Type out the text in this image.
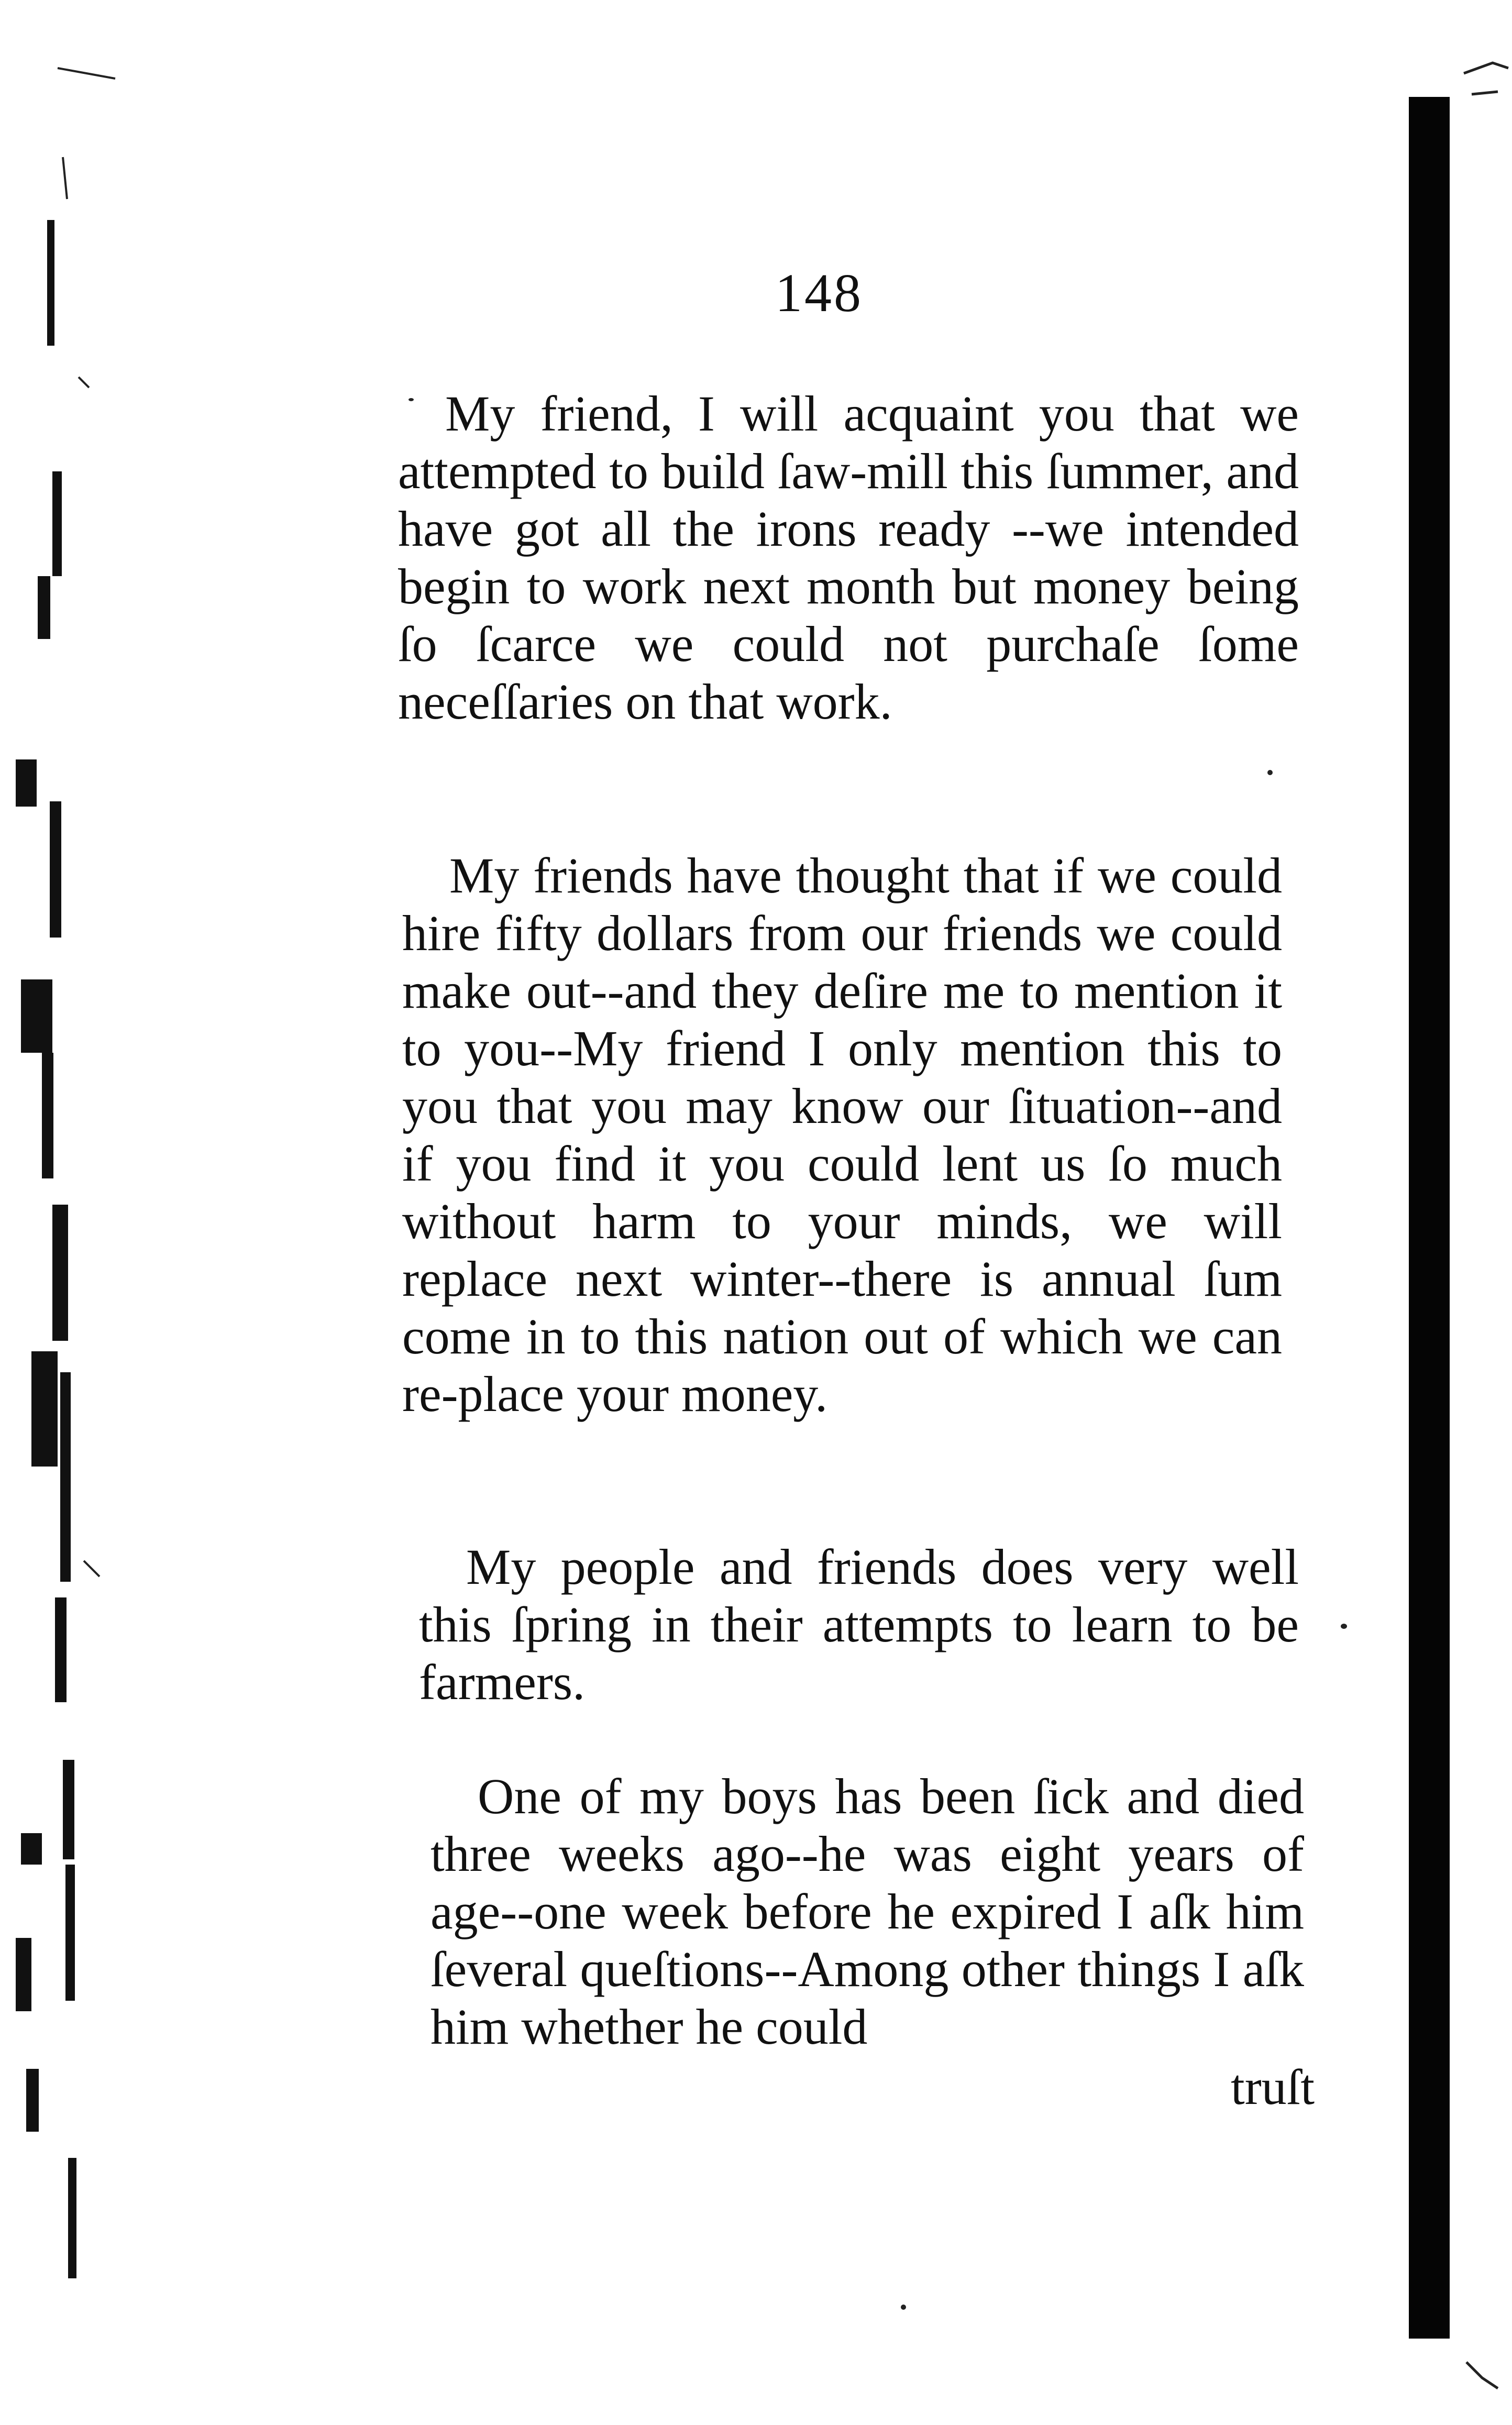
148

My friend, I will acquaint you that we attempted to build ſaw-mill this ſummer, and have got all the irons ready --we intended begin to work next month but money being ſo ſcarce we could not purchaſe ſome neceſſaries on that work.

My friends have thought that if we could hire fifty dollars from our friends we could make out--and they deſire me to mention it to you--My friend I only mention this to you that you may know our ſituation--and if you find it you could lent us ſo much without harm to your minds, we will replace next winter--there is annual ſum come in to this nation out of which we can re-place your money.

My people and friends does very well this ſpring in their attempts to learn to be farmers.

One of my boys has been ſick and died three weeks ago--he was eight years of age--one week before he expired I aſk him ſeveral queſtions--Among other things I aſk him whether he could

truſt
